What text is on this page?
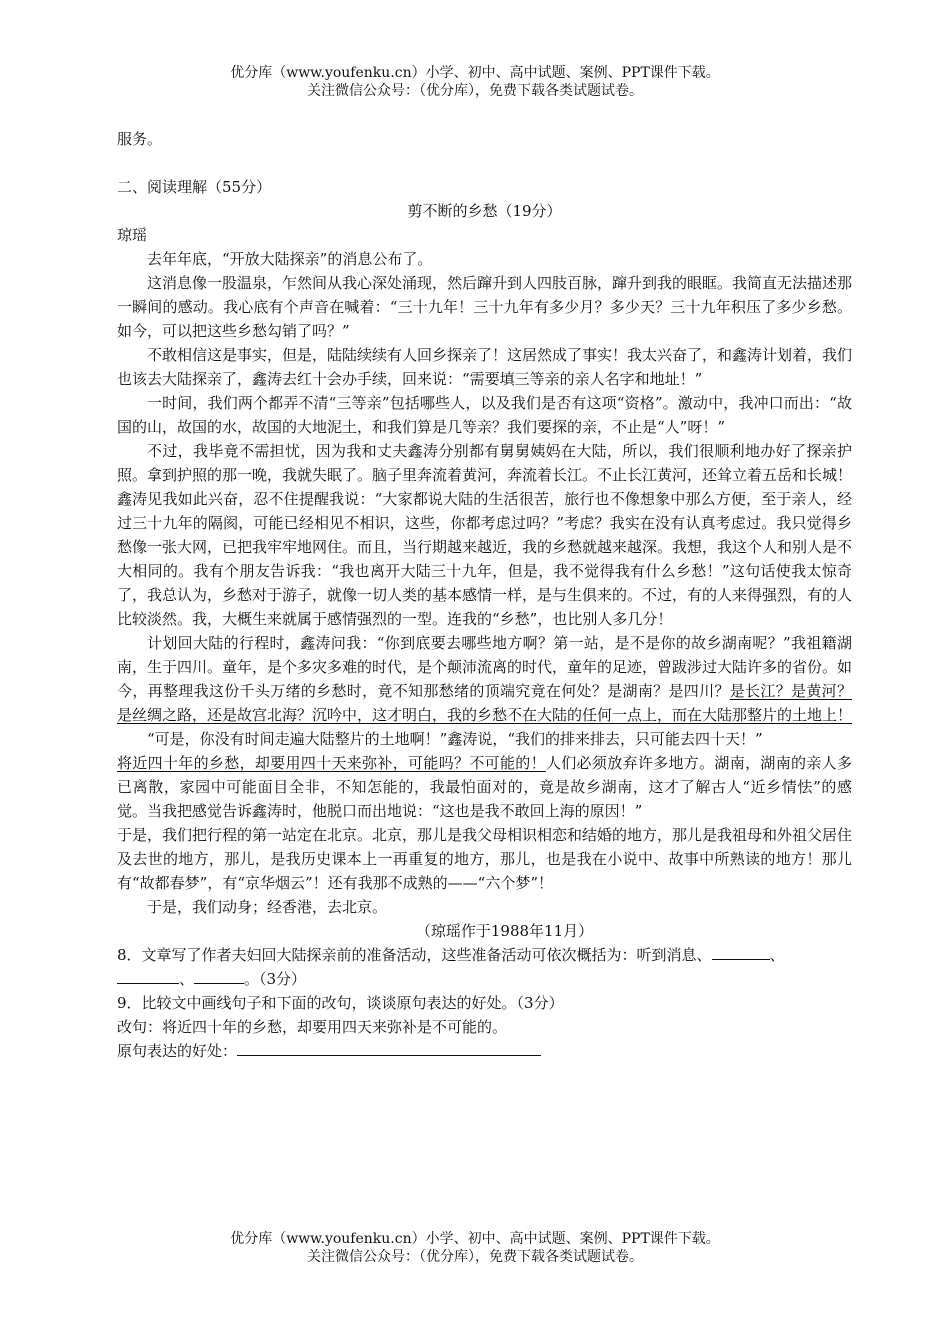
优分库（www.youfenku.cn）小学、初中、高中试题、案例、PPT课件下载。
关注微信公众号：（优分库），免费下载各类试题试卷。

服务。

二、阅读理解（55分）

剪不断的乡愁（19分）

琼瑶

去年年底，“开放大陆探亲”的消息公布了。

这消息像一股温泉，乍然间从我心深处涌现，然后蹿升到人四肢百脉，蹿升到我的眼眶。我简直无法描述那一瞬间的感动。我心底有个声音在喊着：“三十九年！三十九年有多少月？多少天？三十九年积压了多少乡愁。如今，可以把这些乡愁勾销了吗？”

不敢相信这是事实，但是，陆陆续续有人回乡探亲了！这居然成了事实！我太兴奋了，和鑫涛计划着，我们也该去大陆探亲了，鑫涛去红十会办手续，回来说：“需要填三等亲的亲人名字和地址！”

一时间，我们两个都弄不清“三等亲”包括哪些人，以及我们是否有这项“资格”。激动中，我冲口而出：“故国的山，故国的水，故国的大地泥土，和我们算是几等亲？我们要探的亲，不止是“人”呀！”

不过，我毕竟不需担忧，因为我和丈夫鑫涛分别都有舅舅姨妈在大陆，所以，我们很顺利地办好了探亲护照。拿到护照的那一晚，我就失眠了。脑子里奔流着黄河，奔流着长江。不止长江黄河，还耸立着五岳和长城！鑫涛见我如此兴奋，忍不住提醒我说：“大家都说大陆的生活很苦，旅行也不像想象中那么方便，至于亲人，经过三十九年的隔阂，可能已经相见不相识，这些，你都考虑过吗？”考虑？我实在没有认真考虑过。我只觉得乡愁像一张大网，已把我牢牢地网住。而且，当行期越来越近，我的乡愁就越来越深。我想，我这个人和别人是不大相同的。我有个朋友告诉我：“我也离开大陆三十九年，但是，我不觉得我有什么乡愁！”这句话使我太惊奇了，我总认为，乡愁对于游子，就像一切人类的基本感情一样，是与生俱来的。不过，有的人来得强烈，有的人比较淡然。我，大概生来就属于感情强烈的一型。连我的“乡愁”，也比别人多几分！

计划回大陆的行程时，鑫涛问我：“你到底要去哪些地方啊？第一站，是不是你的故乡湖南呢？”我祖籍湖南，生于四川。童年，是个多灾多难的时代，是个颠沛流离的时代，童年的足迹，曾跋涉过大陆许多的省份。如今，再整理我这份千头万绪的乡愁时，竟不知那愁绪的顶端究竟在何处？是湖南？是四川？是长江？是黄河？是丝绸之路，还是故宫北海？沉吟中，这才明白，我的乡愁不在大陆的任何一点上，而在大陆那整片的土地上！

“可是，你没有时间走遍大陆整片的土地啊！”鑫涛说，“我们的排来排去，只可能去四十天！”
将近四十年的乡愁，却要用四十天来弥补，可能吗？不可能的！人们必须放弃许多地方。湖南，湖南的亲人多已离散，家园中可能面目全非，不知怎能的，我最怕面对的，竟是故乡湖南，这才了解古人“近乡情怯”的感觉。当我把感觉告诉鑫涛时，他脱口而出地说：“这也是我不敢回上海的原因！”

于是，我们把行程的第一站定在北京。北京，那儿是我父母相识相恋和结婚的地方，那儿是我祖母和外祖父居住及去世的地方，那儿，是我历史课本上一再重复的地方，那儿，也是我在小说中、故事中所熟读的地方！那儿有“故都春梦”，有“京华烟云”！还有我那不成熟的——“六个梦”！

于是，我们动身；经香港，去北京。

（琼瑶作于1988年11月）

8．文章写了作者夫妇回大陆探亲前的准备活动，这些准备活动可依次概括为：听到消息、	、
、	。（3分）

9．比较文中画线句子和下面的改句，谈谈原句表达的好处。（3分）

改句：将近四十年的乡愁，却要用四天来弥补是不可能的。

原句表达的好处：

优分库（www.youfenku.cn）小学、初中、高中试题、案例、PPT课件下载。
关注微信公众号：（优分库），免费下载各类试题试卷。
